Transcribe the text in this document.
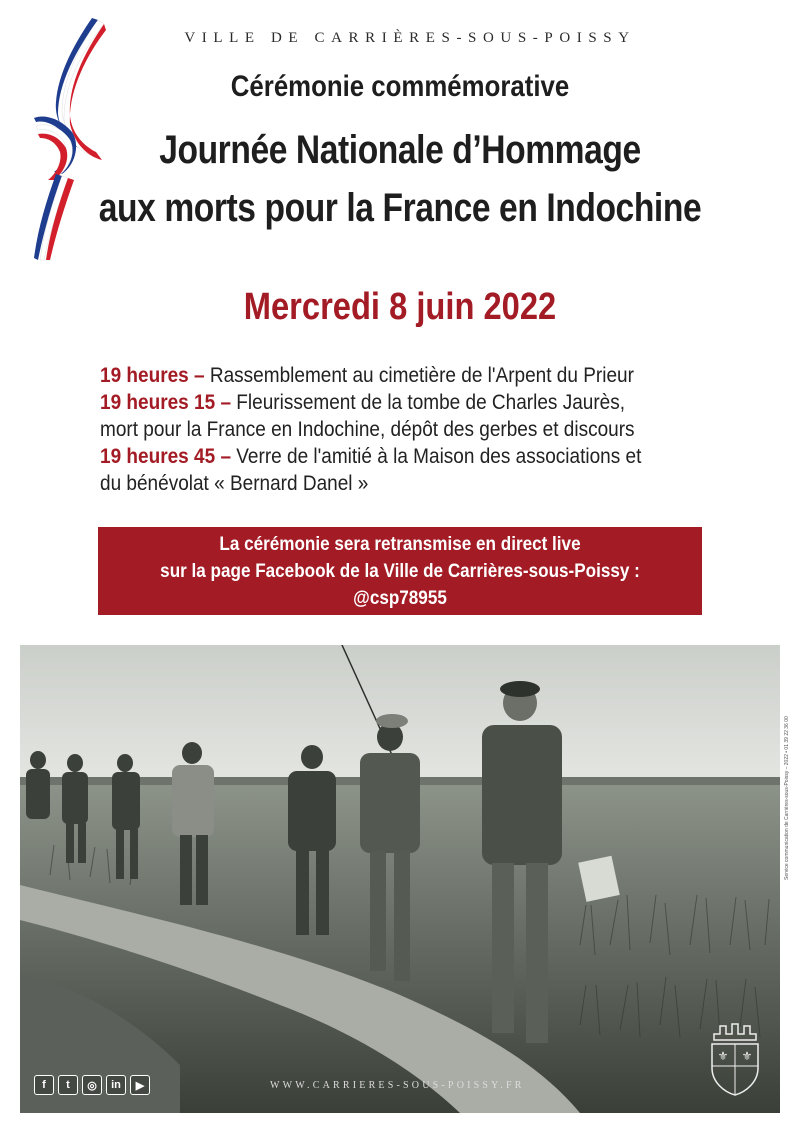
VILLE DE CARRIÈRES-SOUS-POISSY
Cérémonie commémorative
Journée Nationale d’Hommage
aux morts pour la France en Indochine
Mercredi 8 juin 2022
19 heures – Rassemblement au cimetière de l'Arpent du Prieur
19 heures 15 – Fleurissement de la tombe de Charles Jaurès,
mort pour la France en Indochine, dépôt des gerbes et discours
19 heures 45 – Verre de l'amitié à la Maison des associations et
du bénévolat « Bernard Danel »
La cérémonie sera retransmise en direct live
sur la page Facebook de la Ville de Carrières-sous-Poissy :
@csp78955
f	t	◎	in	▶	WWW.CARRIERES-SOUS-POISSY.FR
⚜ ⚜
Service communication de Carrières-sous-Poissy – 2022 • 01 39 22 36 00
